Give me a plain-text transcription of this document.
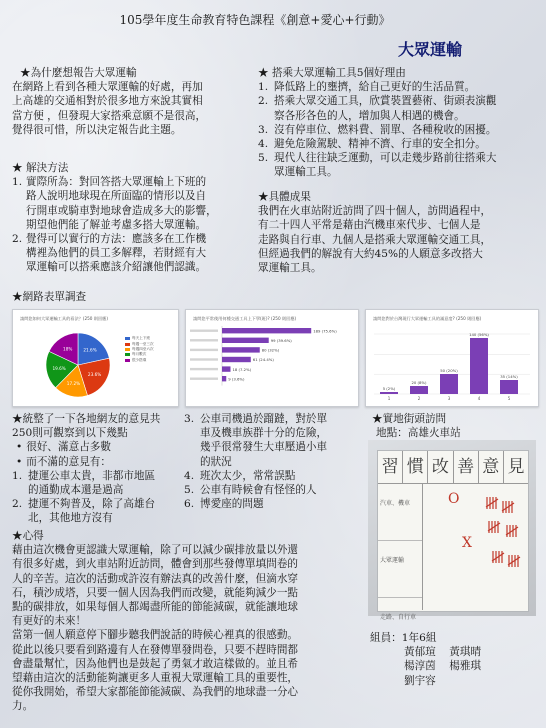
105學年度生命教育特色課程《創意+愛心+行動》
大眾運輸
★為什麼想報告大眾運輸
在網路上看到各種大眾運輸的好處，再加
上高雄的交通相對於很多地方來說其實相
當方便 ，但發現大家搭乘意願不是很高，
覺得很可惜，所以決定報告此主題。
★ 解決方法
1. 實際所為：對回答搭大眾運輸上下班的
路人說明地球現在所面臨的情形以及自
行開車或騎車對地球會造成多大的影響，
期望他們能了解並考慮多搭大眾運輸。
2. 覺得可以實行的方法：應該多在工作機
構裡為他們的員工多解釋，若財經有大
眾運輸可以搭乘應該介紹讓他們認識。
★ 搭乘大眾運輸工具5個好理由
1. 降低路上的壅擠，給自己更好的生活品質。
2. 搭乘大眾交通工具，欣賞裝置藝術、街頭表演觀
察各形各色的人，增加與人相遇的機會。
3. 沒有停車位、燃料費、罰單、各種稅收的困擾。
4. 避免危險駕駛、精神不濟、行車的安全扣分。
5. 現代人往往缺乏運動，可以走幾步路前往搭乘大
眾運輸工具。
★具體成果
我們在火車站附近訪問了四十個人，訪問過程中，
有二十四人平常是藉由汽機車來代步、七個人是
走路與自行車、九個人是搭乘大眾運輸交通工具，
但經過我們的解說有大約45%的人願意多改搭大
眾運輸工具。
★網路表單調查
請問您如何大眾運輸工具的看法？(250 則回應)
21.6%
23.6%
17.2%
19.6%
18%
每天上下班
每週一至三次
每週四至六次
每月數次
很少搭乘
請問您平常使用何種交通工具上下學(班)? (250 則回應)
189 (75.6%)
99 (39.6%)
80 (32%)
61 (24.4%)
18 (7.2%)
9 (3.6%)
請問您對於台灣現行大眾運輸工具的滿意度? (250 則回應)
5 (2%)
1
20 (8%)
2
50 (20%)
3
140 (56%)
4
35 (14%)
5
★統整了一下各地網友的意見共
250則可觀察到以下幾點
• 很好、滿意占多數
• 而不滿的意見有：
1. 捷運公車太貴，非都市地區
的通勤成本還是過高
2. 捷運不夠普及，除了高雄台
北，其他地方沒有
3. 公車司機過於蹓躂，對於單
車及機車族群十分的危險，
幾乎很常發生大車壓過小車
的狀況
4. 班次太少，常常誤點
5. 公車有時候會有怪怪的人
6. 博愛座的問題
★實地街頭訪問
地點：高雄火車站
習 慣 改 善 意 見
汽車、機車
大眾運輸
走路、自行車
O
X
★心得
藉由這次機會更認識大眾運輸，除了可以減少碳排放量以外還
有很多好處，到火車站附近訪問，體會到那些發傳單填問卷的
人的辛苦。這次的活動或許沒有辦法真的改善什麼，但滴水穿
石，積沙成塔，只要一個人因為我們而改變，就能夠減少一點
點的碳排放，如果每個人都竭盡所能的節能減碳，就能讓地球
有更好的未來！
當第一個人願意停下腳步聽我們說話的時候心裡真的很感動。
從此以後只要看到路邊有人在發傳單發問卷，只要不趕時間都
會盡量幫忙，因為他們也是鼓起了勇氣才敢這樣做的。並且希
望藉由這次的活動能夠讓更多人重視大眾運輸工具的重要性，
從你我開始，希望大家都能節能減碳、為我們的地球盡一分心
力。
組員：1年6組
黃郁瑄 黃琪晴
楊淳茵 楊雅琪
劉宇容
